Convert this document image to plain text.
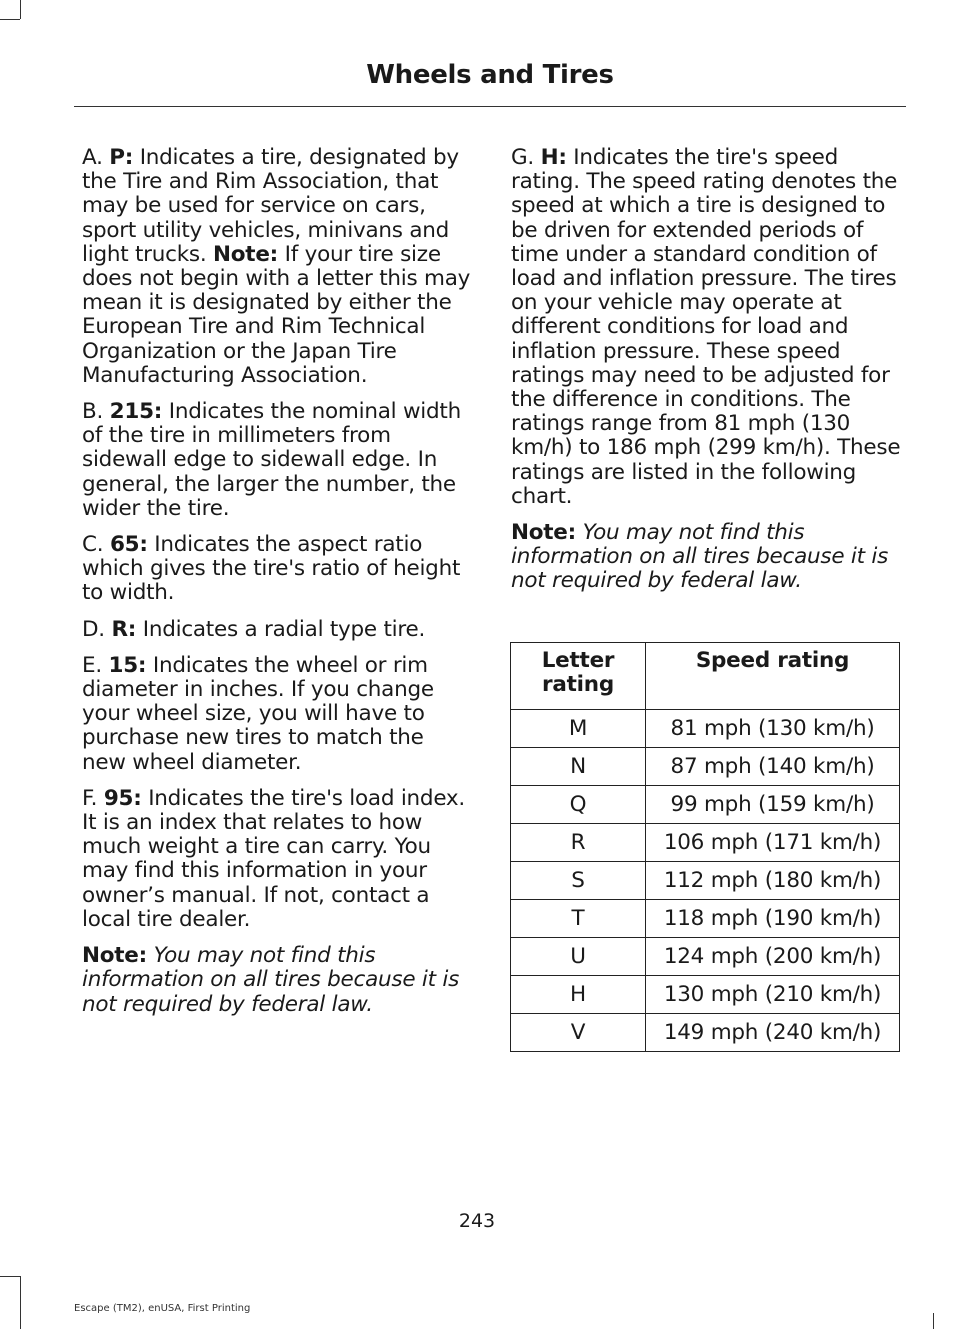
Wheels and Tires

A. P: Indicates a tire, designated by the Tire and Rim Association, that may be used for service on cars, sport utility vehicles, minivans and light trucks. Note: If your tire size does not begin with a letter this may mean it is designated by either the European Tire and Rim Technical Organization or the Japan Tire Manufacturing Association.

B. 215: Indicates the nominal width of the tire in millimeters from sidewall edge to sidewall edge. In general, the larger the number, the wider the tire.

C. 65: Indicates the aspect ratio which gives the tire's ratio of height to width.

D. R: Indicates a radial type tire.

E. 15: Indicates the wheel or rim diameter in inches. If you change your wheel size, you will have to purchase new tires to match the new wheel diameter.

F. 95: Indicates the tire's load index. It is an index that relates to how much weight a tire can carry. You may find this information in your owner’s manual. If not, contact a local tire dealer.

Note: You may not find this information on all tires because it is not required by federal law.

G. H: Indicates the tire's speed rating. The speed rating denotes the speed at which a tire is designed to be driven for extended periods of time under a standard condition of load and inflation pressure. The tires on your vehicle may operate at different conditions for load and inflation pressure. These speed ratings may need to be adjusted for the difference in conditions. The ratings range from 81 mph (130 km/h) to 186 mph (299 km/h). These ratings are listed in the following chart.

Note: You may not find this information on all tires because it is not required by federal law.

Letter rating	Speed rating
M	81 mph (130 km/h)
N	87 mph (140 km/h)
Q	99 mph (159 km/h)
R	106 mph (171 km/h)
S	112 mph (180 km/h)
T	118 mph (190 km/h)
U	124 mph (200 km/h)
H	130 mph (210 km/h)
V	149 mph (240 km/h)
243
Escape (TM2), enUSA, First Printing
